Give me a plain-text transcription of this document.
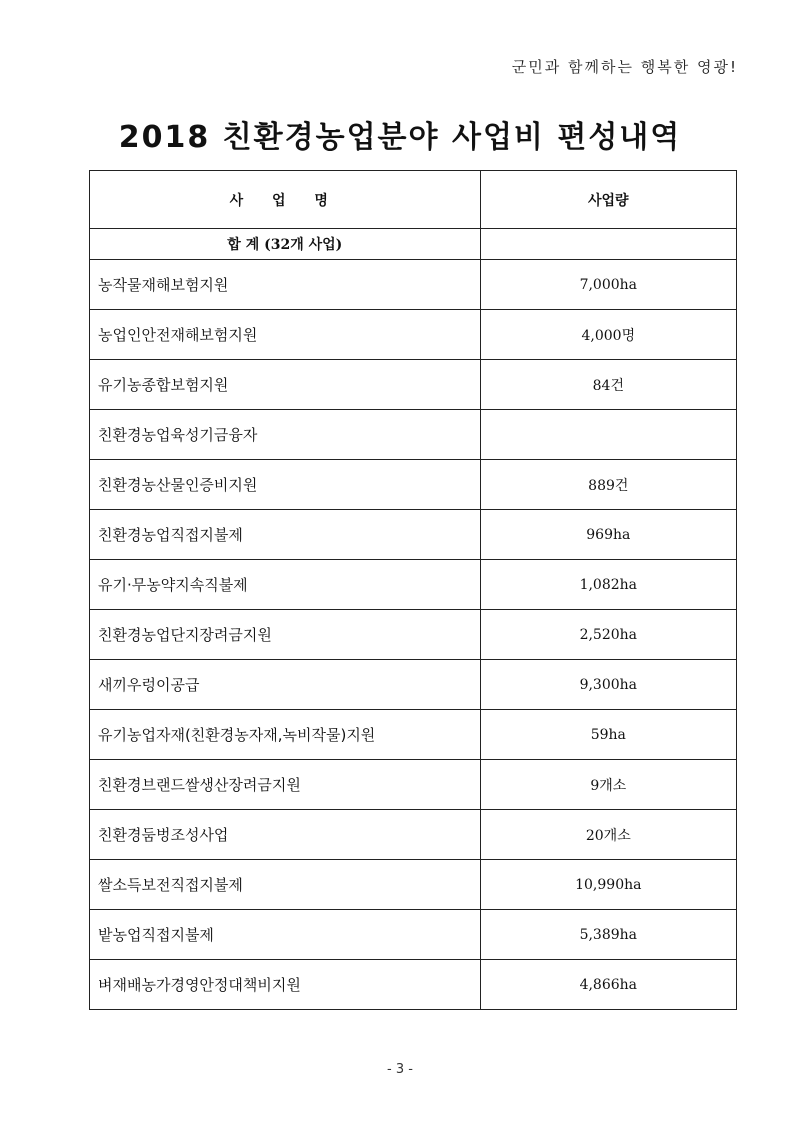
군민과 함께하는 행복한 영광!
2018 친환경농업분야 사업비 편성내역
사 업 명	사업량
합 계 (32개 사업)	

농작물재해보험지원	7,000ha

농업인안전재해보험지원	4,000명

유기농종합보험지원	84건

친환경농업육성기금융자	

친환경농산물인증비지원	889건

친환경농업직접지불제	969ha

유기·무농약지속직불제	1,082ha

친환경농업단지장려금지원	2,520ha

새끼우렁이공급	9,300ha

유기농업자재(친환경농자재,녹비작물)지원	59ha

친환경브랜드쌀생산장려금지원	9개소

친환경둠벙조성사업	20개소

쌀소득보전직접지불제	10,990ha

밭농업직접지불제	5,389ha

벼재배농가경영안정대책비지원	4,866ha
- 3 -
